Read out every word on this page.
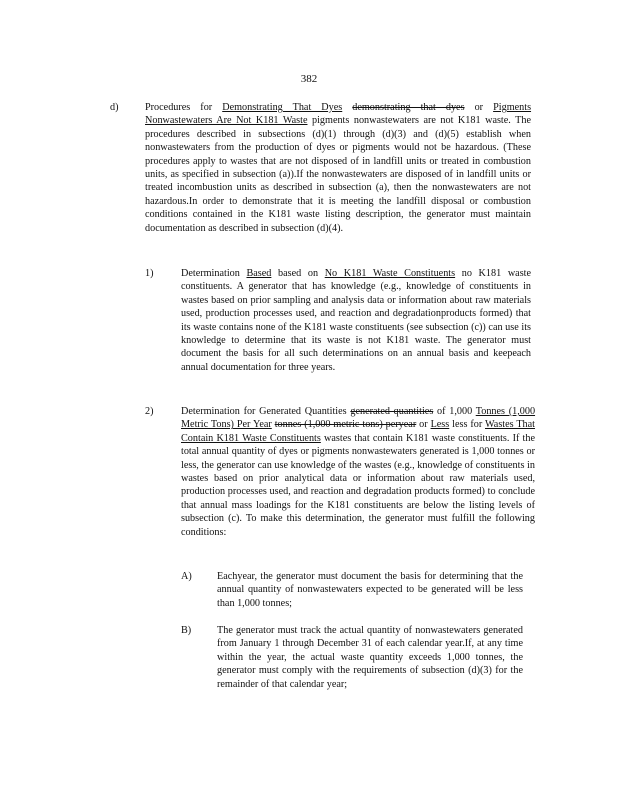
382
d)	Procedures for Demonstrating That Dyes demonstrating that dyes or Pigments Nonwastewaters Are Not K181 Waste pigments nonwastewaters are not K181 waste. The procedures described in subsections (d)(1) through (d)(3) and (d)(5) establish when nonwastewaters from the production of dyes or pigments would not be hazardous. (These procedures apply to wastes that are not disposed of in landfill units or treated in combustion units, as specified in subsection (a)).If the nonwastewaters are disposed of in landfill units or treated incombustion units as described in subsection (a), then the nonwastewaters are not hazardous.In order to demonstrate that it is meeting the landfill disposal or combustion conditions contained in the K181 waste listing description, the generator must maintain documentation as described in subsection (d)(4).
1)	Determination Based based on No K181 Waste Constituents no K181 waste constituents. A generator that has knowledge (e.g., knowledge of constituents in wastes based on prior sampling and analysis data or information about raw materials used, production processes used, and reaction and degradationproducts formed) that its waste contains none of the K181 waste constituents (see subsection (c)) can use its knowledge to determine that its waste is not K181 waste. The generator must document the basis for all such determinations on an annual basis and keepeach annual documentation for three years.
2)	Determination for Generated Quantities generated quantities of 1,000 Tonnes (1,000 Metric Tons) Per Year tonnes (1,000 metric tons) peryear or Less less for Wastes That Contain K181 Waste Constituents wastes that contain K181 waste constituents. If the total annual quantity of dyes or pigments nonwastewaters generated is 1,000 tonnes or less, the generator can use knowledge of the wastes (e.g., knowledge of constituents in wastes based on prior analytical data or information about raw materials used, production processes used, and reaction and degradation products formed) to conclude that annual mass loadings for the K181 constituents are below the listing levels of subsection (c). To make this determination, the generator must fulfill the following conditions:
A) Eachyear, the generator must document the basis for determining that the annual quantity of nonwastewaters expected to be generated will be less than 1,000 tonnes;
B)	The generator must track the actual quantity of nonwastewaters generated from January 1 through December 31 of each calendar year.If, at any time within the year, the actual waste quantity exceeds 1,000 tonnes, the generator must comply with the requirements of subsection (d)(3) for the remainder of that calendar year;
